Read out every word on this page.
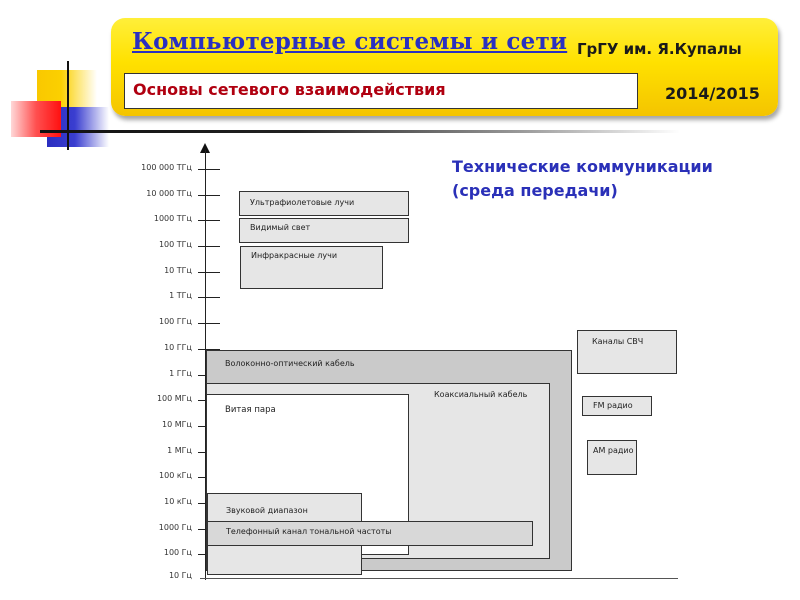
Компьютерные системы и сети ГрГУ им. Я.Купалы
Основы сетевого взаимодействия	2014/2015
Технические коммуникации
(среда передачи)
100 000 ТГц
10 000 ТГц
1000 ТГц
100 ТГц
10 ТГц
1 ТГц
100 ГГц
10 ГГц
1 ГГц
100 МГц
10 МГц
1 МГц
100 кГц
10 кГц
1000 Гц
100 Гц
10 Гц
Ультрафиолетовые лучи
Видимый свет
Инфракрасные лучи
Волоконно-оптический кабель
Коаксиальный кабель
Витая пара
Звуковой диапазон
Телефонный канал тональной частоты
Каналы СВЧ
FM радио
AM радио
